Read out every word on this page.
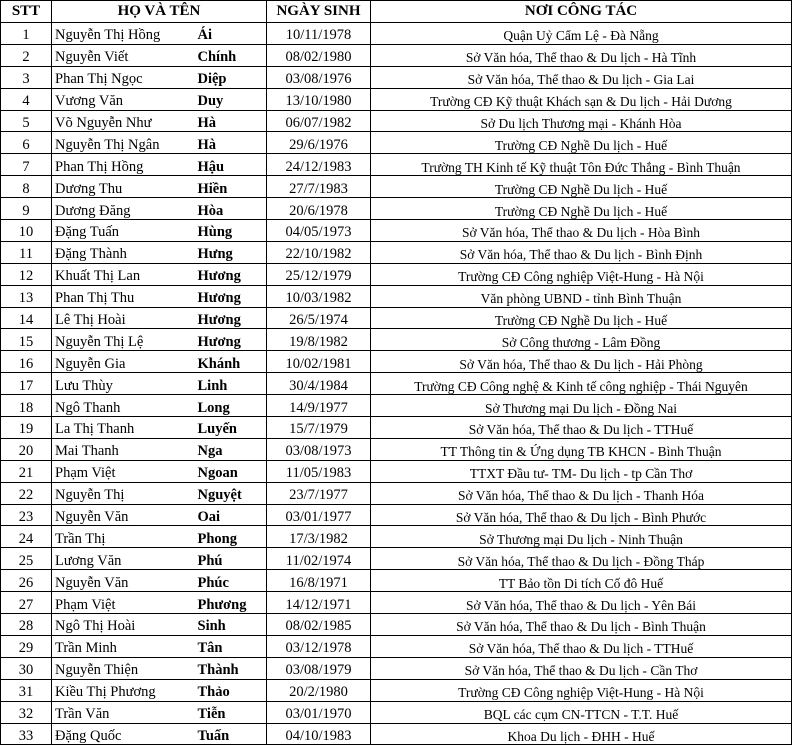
STT	HỌ VÀ TÊN		NGÀY SINH	NƠI CÔNG TÁC
1	Nguyễn Thị Hồng	Ái	10/11/1978	Quận Uỷ Cẩm Lệ - Đà Nẵng
2	Nguyễn Viết	Chính	08/02/1980	Sở Văn hóa, Thể thao & Du lịch - Hà Tĩnh
3	Phan Thị Ngọc	Diệp	03/08/1976	Sở Văn hóa, Thể thao & Du lịch - Gia Lai
4	Vương Văn	Duy	13/10/1980	Trường CĐ Kỹ thuật Khách sạn & Du lịch - Hải Dương
5	Võ Nguyễn Như	Hà	06/07/1982	Sở Du lịch Thương mại - Khánh Hòa
6	Nguyễn Thị Ngân	Hà	29/6/1976	Trường CĐ Nghề Du lịch - Huế
7	Phan Thị Hồng	Hậu	24/12/1983	Trường TH Kinh tế Kỹ thuật Tôn Đức Thắng - Bình Thuận
8	Dương Thu	Hiền	27/7/1983	Trường CĐ Nghề Du lịch - Huế
9	Dương Đăng	Hòa	20/6/1978	Trường CĐ Nghề Du lịch - Huế
10	Đặng Tuấn	Hùng	04/05/1973	Sở Văn hóa, Thể thao & Du lịch - Hòa Bình
11	Đặng Thành	Hưng	22/10/1982	Sở Văn hóa, Thể thao & Du lịch - Bình Định
12	Khuất Thị Lan	Hương	25/12/1979	Trường CĐ Công nghiệp Việt-Hung - Hà Nội
13	Phan Thị Thu	Hương	10/03/1982	Văn phòng UBND - tỉnh Bình Thuận
14	Lê Thị Hoài	Hương	26/5/1974	Trường CĐ Nghề Du lịch - Huế
15	Nguyễn Thị Lệ	Hương	19/8/1982	Sở Công thương - Lâm Đồng
16	Nguyễn Gia	Khánh	10/02/1981	Sở Văn hóa, Thể thao & Du lịch - Hải Phòng
17	Lưu Thùy	Linh	30/4/1984	Trường CĐ Công nghệ & Kinh tế công nghiệp - Thái Nguyên
18	Ngô Thanh	Long	14/9/1977	Sở Thương mại Du lịch - Đồng Nai
19	La Thị Thanh	Luyến	15/7/1979	Sở Văn hóa, Thể thao & Du lịch - TTHuế
20	Mai Thanh	Nga	03/08/1973	TT Thông tin & Ứng dụng TB KHCN - Bình Thuận
21	Phạm Việt	Ngoan	11/05/1983	TTXT Đầu tư- TM- Du lịch - tp Cần Thơ
22	Nguyễn Thị	Nguyệt	23/7/1977	Sở Văn hóa, Thể thao & Du lịch - Thanh Hóa
23	Nguyễn Văn	Oai	03/01/1977	Sở Văn hóa, Thể thao & Du lịch - Bình Phước
24	Trần Thị	Phong	17/3/1982	Sở Thương mại Du lịch - Ninh Thuận
25	Lương Văn	Phú	11/02/1974	Sở Văn hóa, Thể thao & Du lịch - Đồng Tháp
26	Nguyễn Văn	Phúc	16/8/1971	TT Bảo tồn Di tích Cố đô Huế
27	Phạm Việt	Phương	14/12/1971	Sở Văn hóa, Thể thao & Du lịch - Yên Bái
28	Ngô Thị Hoài	Sinh	08/02/1985	Sở Văn hóa, Thể thao & Du lịch - Bình Thuận
29	Trần Minh	Tân	03/12/1978	Sở Văn hóa, Thể thao & Du lịch - TTHuế
30	Nguyễn Thiện	Thành	03/08/1979	Sở Văn hóa, Thể thao & Du lịch - Cần Thơ
31	Kiều Thị Phương	Thảo	20/2/1980	Trường CĐ Công nghiệp Việt-Hung - Hà Nội
32	Trần Văn	Tiễn	03/01/1970	BQL các cụm CN-TTCN - T.T. Huế
33	Đặng Quốc	Tuấn	04/10/1983	Khoa Du lịch - ĐHH - Huế
